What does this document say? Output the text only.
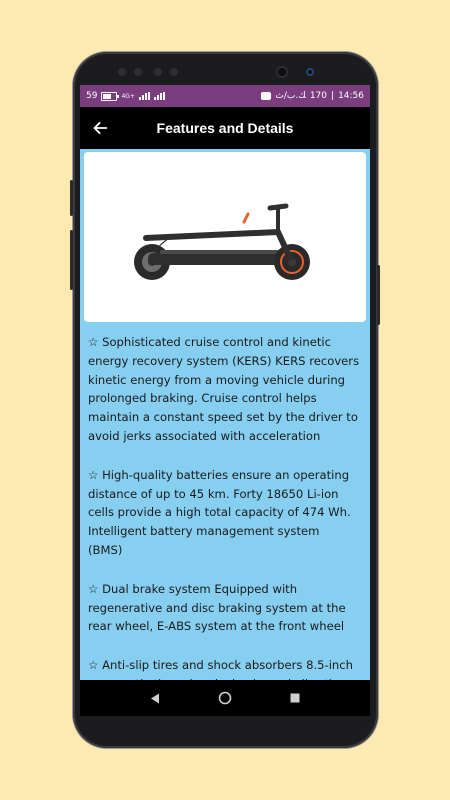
59	4G+	ﻚ.ب/ث 170 | 14:56
Features and Details

☆ Sophisticated cruise control and kinetic
energy recovery system (KERS) KERS recovers
kinetic energy from a moving vehicle during
prolonged braking. Cruise control helps
maintain a constant speed set by the driver to
avoid jerks associated with acceleration

☆ High-quality batteries ensure an operating
distance of up to 45 km. Forty 18650 Li-ion
cells provide a high total capacity of 474 Wh.
Intelligent battery management system
(BMS)

☆ Dual brake system Equipped with
regenerative and disc braking system at the
rear wheel, E-ABS system at the front wheel

☆ Anti-slip tires and shock absorbers 8.5-inch
